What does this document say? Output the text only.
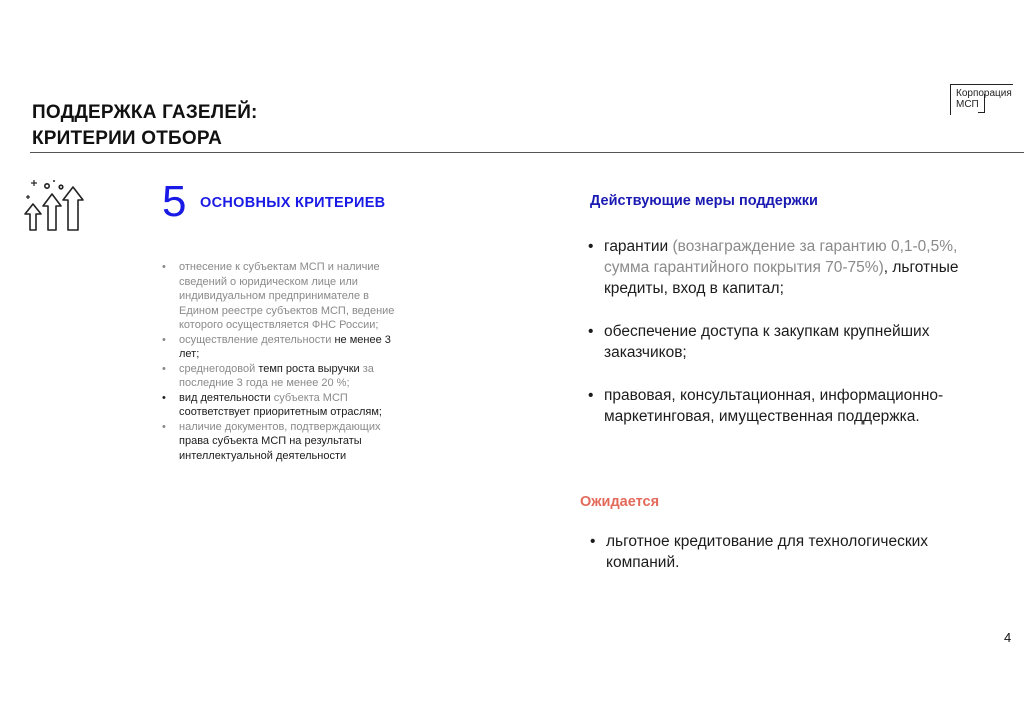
ПОДДЕРЖКА ГАЗЕЛЕЙ:
КРИТЕРИИ ОТБОРА
Корпорация
МСП
5 ОСНОВНЫХ КРИТЕРИЕВ
• отнесение к субъектам МСП и наличие сведений о юридическом лице или индивидуальном предпринимателе в Едином реестре субъектов МСП, ведение которого осуществляется ФНС России;
• осуществление деятельности не менее 3 лет;
• среднегодовой темп роста выручки за последние 3 года не менее 20 %;
• вид деятельности субъекта МСП соответствует приоритетным отраслям;
• наличие документов, подтверждающих права субъекта МСП на результаты интеллектуальной деятельности
Действующие меры поддержки
• гарантии (вознаграждение за гарантию 0,1-0,5%, сумма гарантийного покрытия 70-75%), льготные кредиты, вход в капитал;
• обеспечение доступа к закупкам крупнейших заказчиков;
• правовая, консультационная, информационно-маркетинговая, имущественная поддержка.
Ожидается
• льготное кредитование для технологических компаний.
4
